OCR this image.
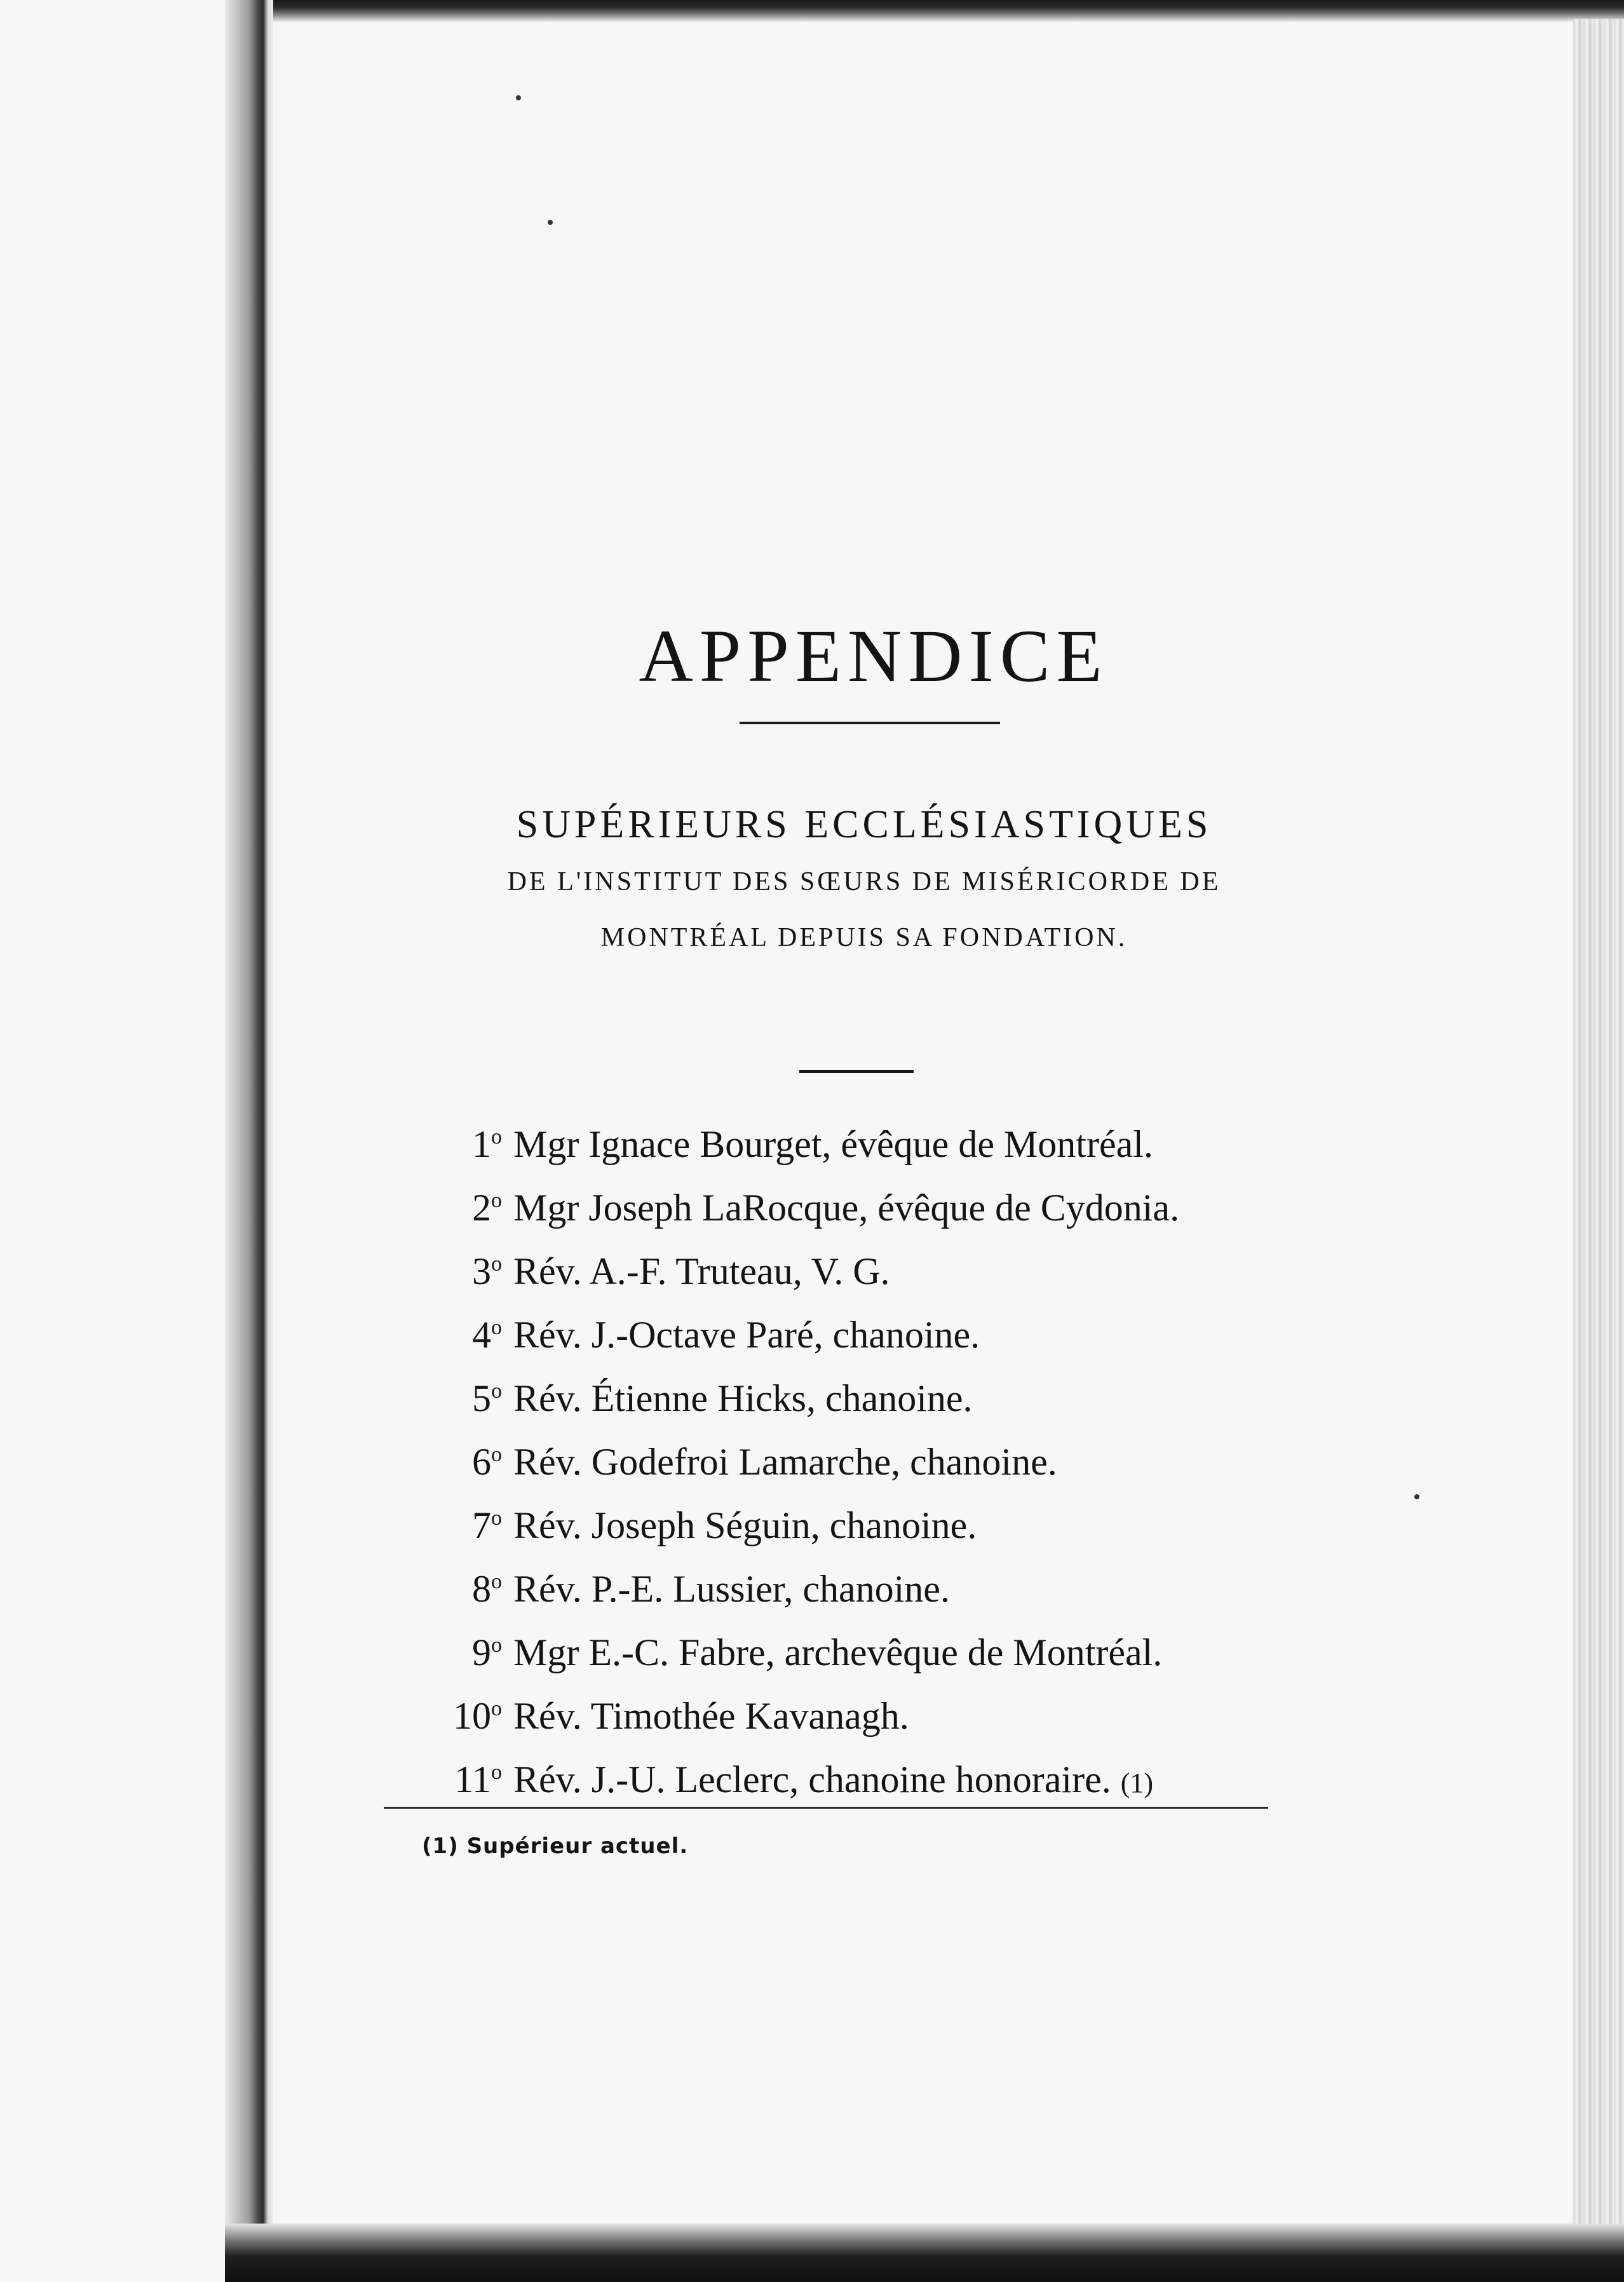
APPENDICE
SUPÉRIEURS ECCLÉSIASTIQUES
DE L'INSTITUT DES SŒURS DE MISÉRICORDE DE
MONTRÉAL DEPUIS SA FONDATION.
1$^o$ Mgr Ignace Bourget, évêque de Montréal.
2$^o$ Mgr Joseph LaRocque, évêque de Cydonia.
3$^o$ Rév. A.-F. Truteau, V. G.
4$^o$ Rév. J.-Octave Paré, chanoine.
5$^o$ Rév. Étienne Hicks, chanoine.
6$^o$ Rév. Godefroi Lamarche, chanoine.
7$^o$ Rév. Joseph Séguin, chanoine.
8$^o$ Rév. P.-E. Lussier, chanoine.
9$^o$ Mgr E.-C. Fabre, archevêque de Montréal.
10$^o$ Rév. Timothée Kavanagh.
11$^o$ Rév. J.-U. Leclerc, chanoine honoraire. (1)
(1) Supérieur actuel.
